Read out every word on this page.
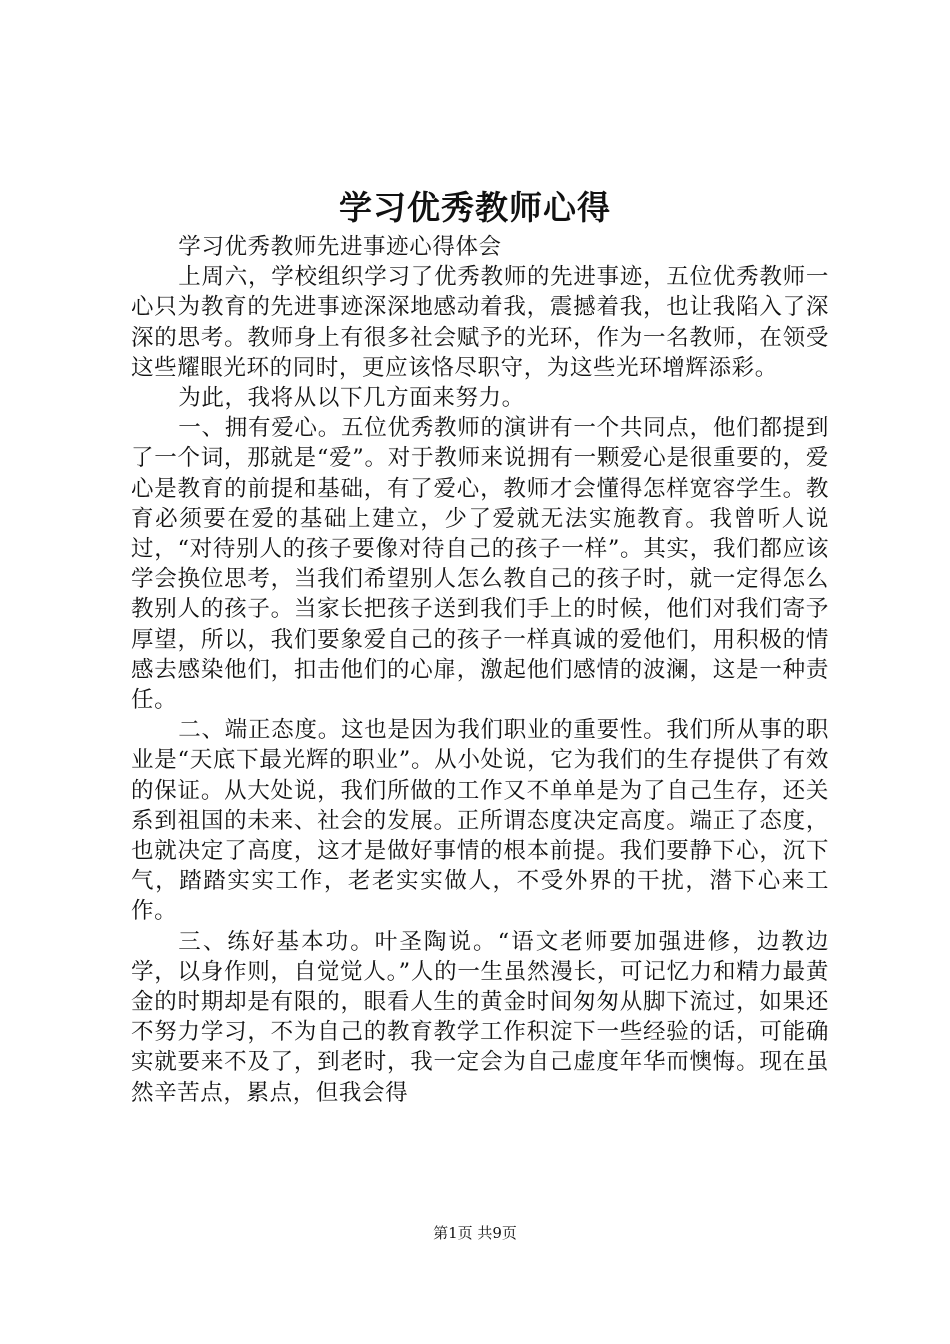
学习优秀教师心得

学习优秀教师先进事迹心得体会

上周六，学校组织学习了优秀教师的先进事迹，五位优秀教师一心只为教育的先进事迹深深地感动着我，震撼着我，也让我陷入了深深的思考。教师身上有很多社会赋予的光环，作为一名教师，在领受这些耀眼光环的同时，更应该恪尽职守，为这些光环增辉添彩。

为此，我将从以下几方面来努力。

一、拥有爱心。五位优秀教师的演讲有一个共同点，他们都提到了一个词，那就是“爱”。对于教师来说拥有一颗爱心是很重要的，爱心是教育的前提和基础，有了爱心，教师才会懂得怎样宽容学生。教育必须要在爱的基础上建立，少了爱就无法实施教育。我曾听人说过，“对待别人的孩子要像对待自己的孩子一样”。其实，我们都应该学会换位思考，当我们希望别人怎么教自己的孩子时，就一定得怎么教别人的孩子。当家长把孩子送到我们手上的时候，他们对我们寄予厚望，所以，我们要象爱自己的孩子一样真诚的爱他们，用积极的情感去感染他们，扣击他们的心扉，激起他们感情的波澜，这是一种责任。

二、端正态度。这也是因为我们职业的重要性。我们所从事的职业是“天底下最光辉的职业”。从小处说，它为我们的生存提供了有效的保证。从大处说，我们所做的工作又不单单是为了自己生存，还关系到祖国的未来、社会的发展。正所谓态度决定高度。端正了态度，也就决定了高度，这才是做好事情的根本前提。我们要静下心，沉下气，踏踏实实工作，老老实实做人，不受外界的干扰，潜下心来工作。

三、练好基本功。叶圣陶说。“语文老师要加强进修，边教边学，以身作则，自觉觉人。”人的一生虽然漫长，可记忆力和精力最黄金的时期却是有限的，眼看人生的黄金时间匆匆从脚下流过，如果还不努力学习，不为自己的教育教学工作积淀下一些经验的话，可能确实就要来不及了，到老时，我一定会为自己虚度年华而懊悔。现在虽然辛苦点，累点，但我会得

第1页 共9页
